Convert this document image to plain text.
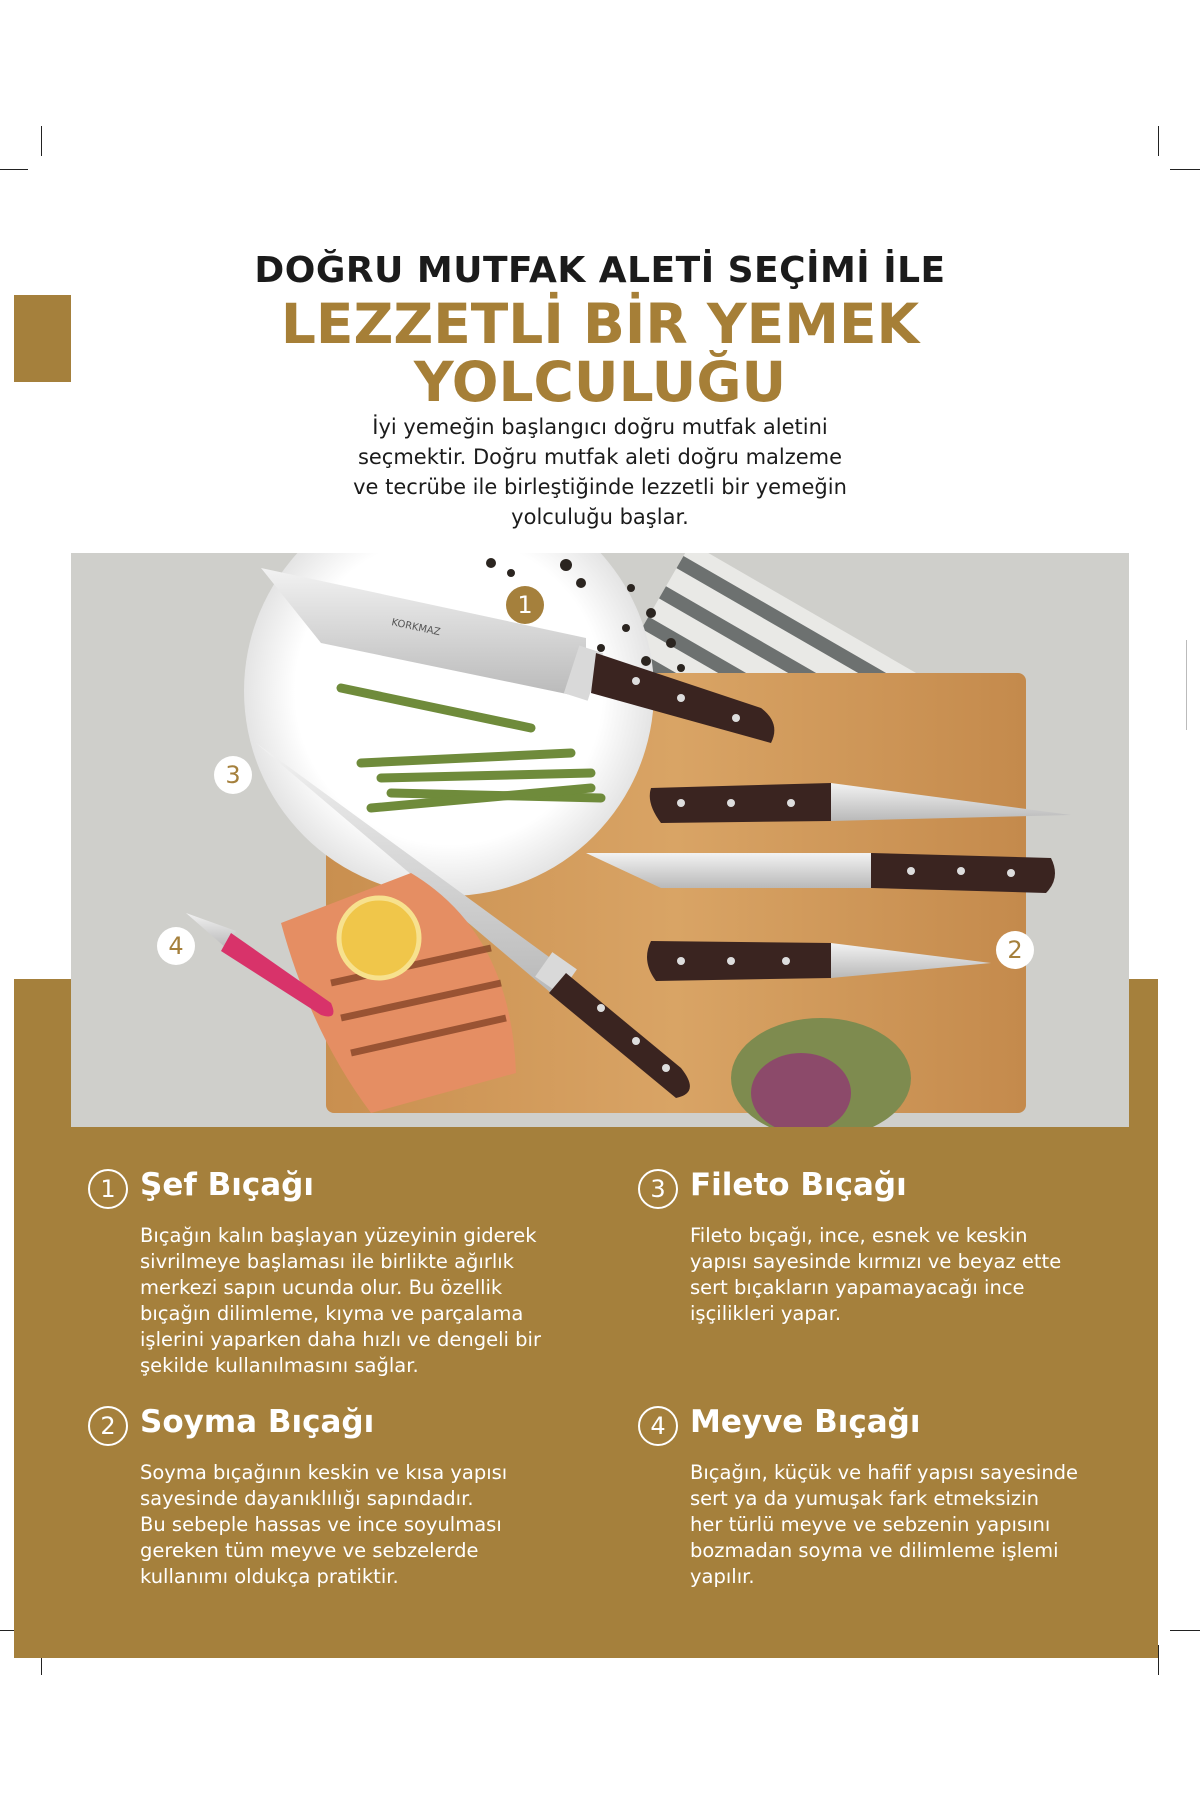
DOĞRU MUTFAK ALETİ SEÇİMİ İLE
LEZZETLİ BİR YEMEK
YOLCULUĞU
İyi yemeğin başlangıcı doğru mutfak aletini
seçmektir. Doğru mutfak aleti doğru malzeme
ve tecrübe ile birleştiğinde lezzetli bir yemeğin
yolculuğu başlar.
KORKMAZ
1
3
4	2
1 Şef Bıçağı
Bıçağın kalın başlayan yüzeyinin giderek
sivrilmeye başlaması ile birlikte ağırlık
merkezi sapın ucunda olur. Bu özellik
bıçağın dilimleme, kıyma ve parçalama
işlerini yaparken daha hızlı ve dengeli bir
şekilde kullanılmasını sağlar.
3 Fileto Bıçağı
Fileto bıçağı, ince, esnek ve keskin
yapısı sayesinde kırmızı ve beyaz ette
sert bıçakların yapamayacağı ince
işçilikleri yapar.
2 Soyma Bıçağı
Soyma bıçağının keskin ve kısa yapısı
sayesinde dayanıklılığı sapındadır.
Bu sebeple hassas ve ince soyulması
gereken tüm meyve ve sebzelerde
kullanımı oldukça pratiktir.
4 Meyve Bıçağı
Bıçağın, küçük ve hafif yapısı sayesinde
sert ya da yumuşak fark etmeksizin
her türlü meyve ve sebzenin yapısını
bozmadan soyma ve dilimleme işlemi
yapılır.
